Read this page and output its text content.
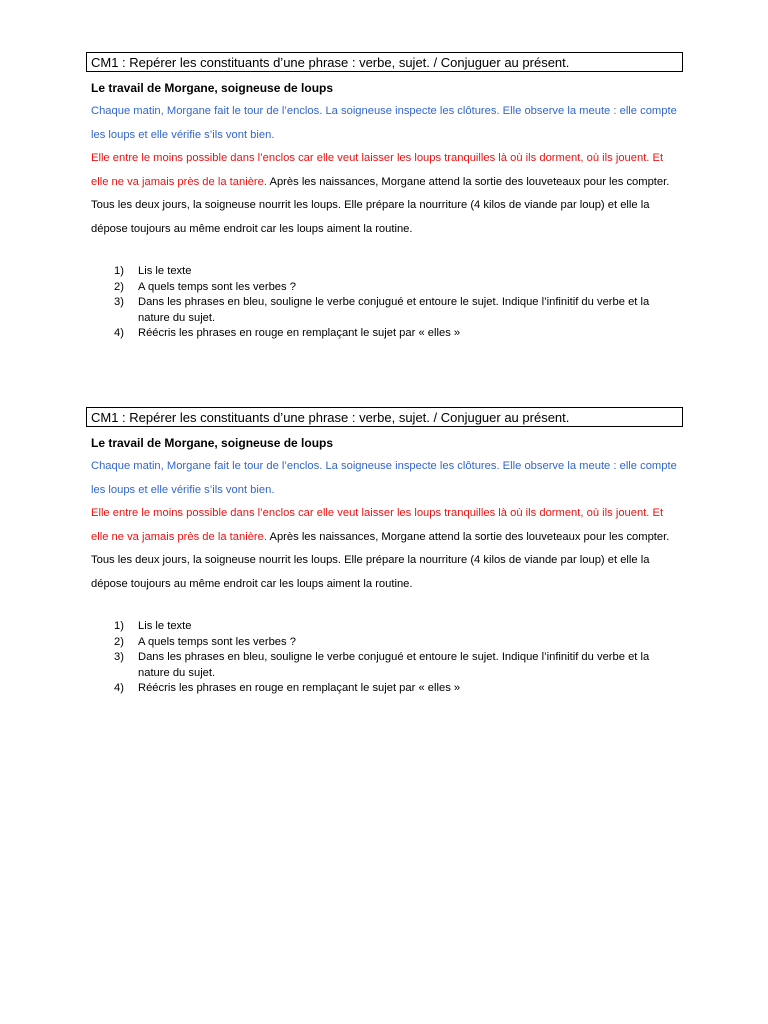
CM1 : Repérer les constituants d’une phrase : verbe, sujet. / Conjuguer au présent.
Le travail de Morgane, soigneuse de loups

Chaque matin, Morgane fait le tour de l’enclos. La soigneuse inspecte les clôtures. Elle observe la meute : elle compte les loups et elle vérifie s’ils vont bien.

Elle entre le moins possible dans l’enclos car elle veut laisser les loups tranquilles là où ils dorment, où ils jouent. Et elle ne va jamais près de la tanière. Après les naissances, Morgane attend la sortie des louveteaux pour les compter.

Tous les deux jours, la soigneuse nourrit les loups. Elle prépare la nourriture (4 kilos de viande par loup) et elle la dépose toujours au même endroit car les loups aiment la routine.

1)	Lis le texte
2)	A quels temps sont les verbes ?
3)	Dans les phrases en bleu, souligne le verbe conjugué et entoure le sujet. Indique l’infinitif du verbe et la nature du sujet.
4)	Réécris les phrases en rouge en remplaçant le sujet par « elles »
CM1 : Repérer les constituants d’une phrase : verbe, sujet. / Conjuguer au présent.
Le travail de Morgane, soigneuse de loups

Chaque matin, Morgane fait le tour de l’enclos. La soigneuse inspecte les clôtures. Elle observe la meute : elle compte les loups et elle vérifie s’ils vont bien.

Elle entre le moins possible dans l’enclos car elle veut laisser les loups tranquilles là où ils dorment, où ils jouent. Et elle ne va jamais près de la tanière. Après les naissances, Morgane attend la sortie des louveteaux pour les compter.

Tous les deux jours, la soigneuse nourrit les loups. Elle prépare la nourriture (4 kilos de viande par loup) et elle la dépose toujours au même endroit car les loups aiment la routine.

1)	Lis le texte
2)	A quels temps sont les verbes ?
3)	Dans les phrases en bleu, souligne le verbe conjugué et entoure le sujet. Indique l’infinitif du verbe et la nature du sujet.
4)	Réécris les phrases en rouge en remplaçant le sujet par « elles »
